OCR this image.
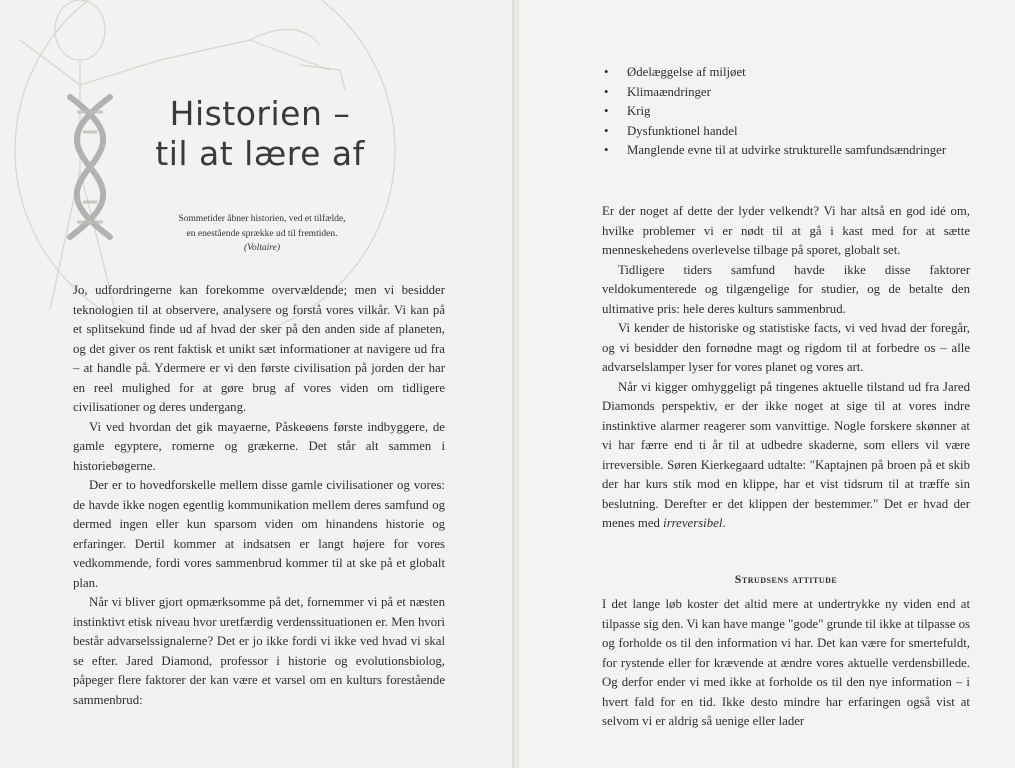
Historien –
til at lære af
Sommetider åbner historien, ved et tilfælde,
en enestående sprække ud til fremtiden.
(Voltaire)

Jo, udfordringerne kan forekomme overvældende; men vi besidder teknologien til at observere, analysere og forstå vores vilkår. Vi kan på et splitsekund finde ud af hvad der sker på den anden side af planeten, og det giver os rent faktisk et unikt sæt informationer at navigere ud fra – at handle på. Ydermere er vi den første civilisation på jorden der har en reel mulighed for at gøre brug af vores viden om tidligere civilisationer og deres undergang.

Vi ved hvordan det gik mayaerne, Påskeøens første indbyggere, de gamle egyptere, romerne og grækerne. Det står alt sammen i historiebøgerne.

Der er to hovedforskelle mellem disse gamle civilisationer og vores: de havde ikke nogen egentlig kommunikation mellem deres samfund og dermed ingen eller kun sparsom viden om hinandens historie og erfaringer. Dertil kommer at indsatsen er langt højere for vores vedkommende, fordi vores sammenbrud kommer til at ske på et globalt plan.

Når vi bliver gjort opmærksomme på det, fornemmer vi på et næsten instinktivt etisk niveau hvor uretfærdig verdenssituationen er. Men hvori består advarselssignalerne? Det er jo ikke fordi vi ikke ved hvad vi skal se efter. Jared Diamond, professor i historie og evolutionsbiolog, påpeger flere faktorer der kan være et varsel om en kulturs forestående sammenbrud:

• Ødelæggelse af miljøet
• Klimaændringer
• Krig
• Dysfunktionel handel
• Manglende evne til at udvirke strukturelle samfundsændringer

Er der noget af dette der lyder velkendt? Vi har altså en god idé om, hvilke problemer vi er nødt til at gå i kast med for at sætte menneskehedens overlevelse tilbage på sporet, globalt set.

Tidligere tiders samfund havde ikke disse faktorer veldokumenterede og tilgængelige for studier, og de betalte den ultimative pris: hele deres kulturs sammenbrud.

Vi kender de historiske og statistiske facts, vi ved hvad der foregår, og vi besidder den fornødne magt og rigdom til at forbedre os – alle advarselslamper lyser for vores planet og vores art.

Når vi kigger omhyggeligt på tingenes aktuelle tilstand ud fra Jared Diamonds perspektiv, er der ikke noget at sige til at vores indre instinktive alarmer reagerer som vanvittige. Nogle forskere skønner at vi har færre end ti år til at udbedre skaderne, som ellers vil være irreversible. Søren Kierkegaard udtalte: "Kaptajnen på broen på et skib der har kurs stik mod en klippe, har et vist tidsrum til at træffe sin beslutning. Derefter er det klippen der bestemmer." Det er hvad der menes med irreversibel.

Strudsens attitude

I det lange løb koster det altid mere at undertrykke ny viden end at tilpasse sig den. Vi kan have mange "gode" grunde til ikke at tilpasse os og forholde os til den information vi har. Det kan være for smertefuldt, for rystende eller for krævende at ændre vores aktuelle verdensbillede. Og derfor ender vi med ikke at forholde os til den nye information – i hvert fald for en tid. Ikke desto mindre har erfaringen også vist at selvom vi er aldrig så uenige eller lader
